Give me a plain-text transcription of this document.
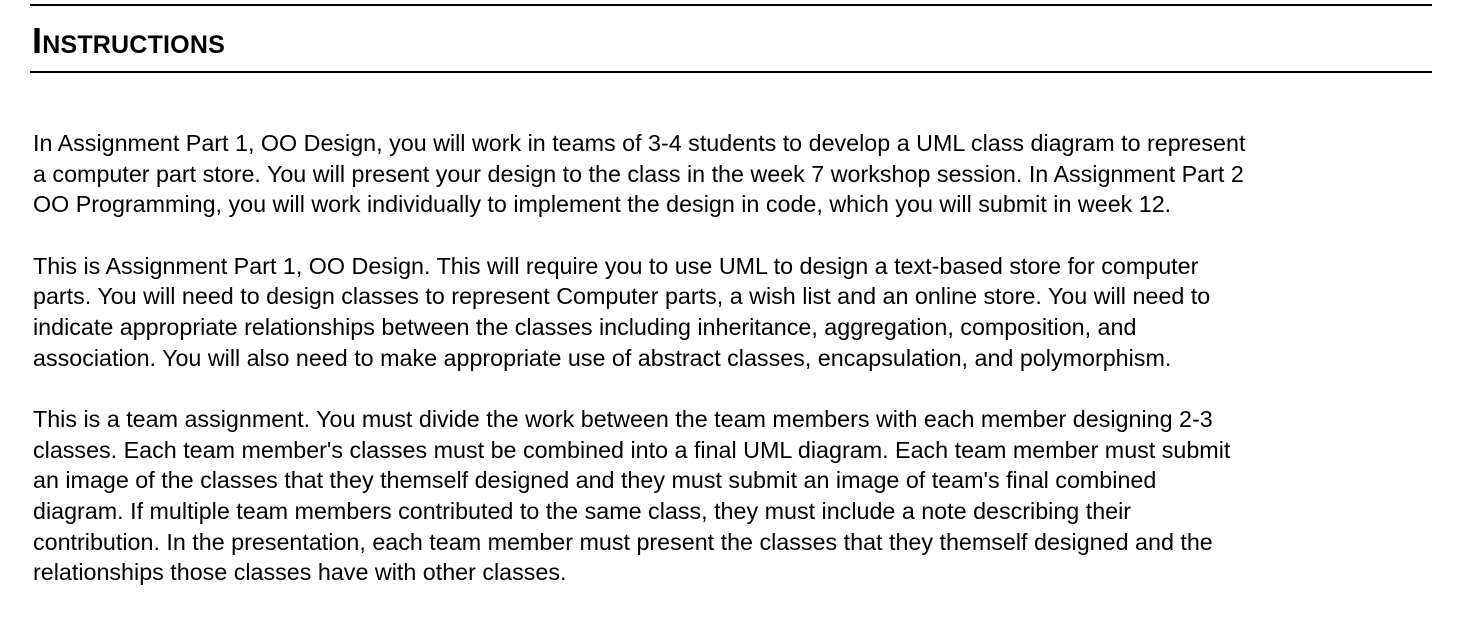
Instructions

In Assignment Part 1, OO Design, you will work in teams of 3-4 students to develop a UML class diagram to represent
a computer part store. You will present your design to the class in the week 7 workshop session. In Assignment Part 2
OO Programming, you will work individually to implement the design in code, which you will submit in week 12.

This is Assignment Part 1, OO Design. This will require you to use UML to design a text-based store for computer
parts. You will need to design classes to represent Computer parts, a wish list and an online store. You will need to
indicate appropriate relationships between the classes including inheritance, aggregation, composition, and
association. You will also need to make appropriate use of abstract classes, encapsulation, and polymorphism.

This is a team assignment. You must divide the work between the team members with each member designing 2-3
classes. Each team member's classes must be combined into a final UML diagram. Each team member must submit
an image of the classes that they themself designed and they must submit an image of team's final combined
diagram. If multiple team members contributed to the same class, they must include a note describing their
contribution. In the presentation, each team member must present the classes that they themself designed and the
relationships those classes have with other classes.
